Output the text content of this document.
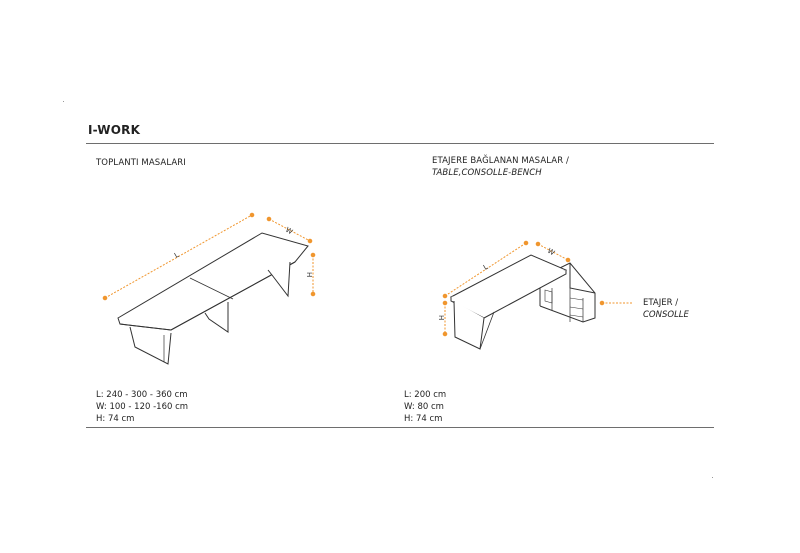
I-WORK
TOPLANTI MASALARI	ETAJERE BAĞLANAN MASALAR /
TABLE,CONSOLLE-BENCH
L
W
H
L
W
H
ETAJER /
CONSOLLE
L: 240 - 300 - 360 cm
W: 100 - 120 -160 cm
H: 74 cm
L: 200 cm
W: 80 cm
H: 74 cm
